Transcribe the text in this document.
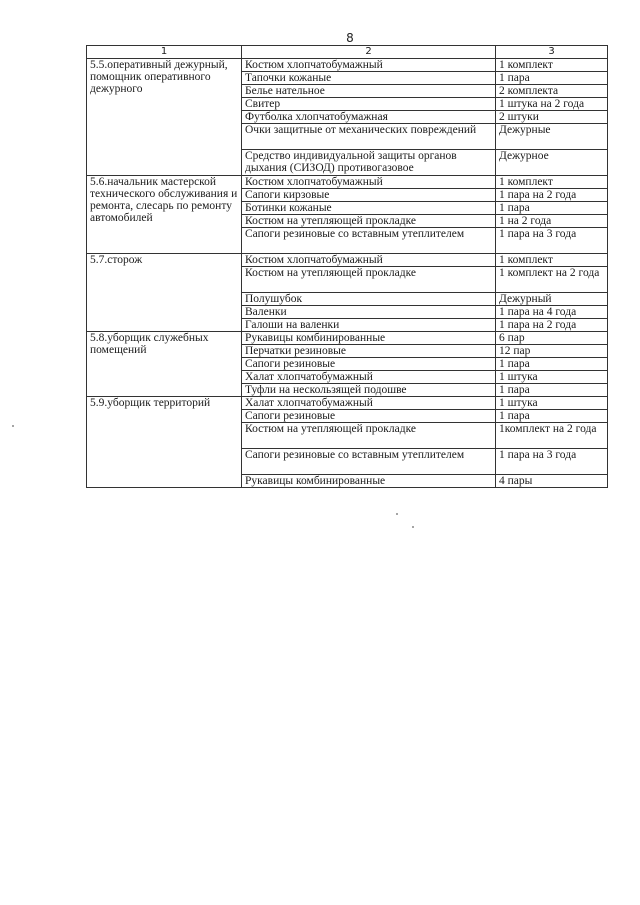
8
1	2	3
5.5.оперативный дежурный, помощник оперативного дежурного	Костюм хлопчатобумажный	1 комплект
	Тапочки кожаные	1 пара
	Белье нательное	2 комплекта
	Свитер	1 штука на 2 года
	Футболка хлопчатобумажная	2 штуки
	Очки защитные от механических повреждений	Дежурные
	Средство индивидуальной защиты органов дыхания (СИЗОД) противогазовое	Дежурное
5.6.начальник мастерской технического обслуживания и ремонта, слесарь по ремонту автомобилей	Костюм хлопчатобумажный	1 комплект
	Сапоги кирзовые	1 пара на 2 года
	Ботинки кожаные	1 пара
	Костюм на утепляющей прокладке	1 на 2 года
	Сапоги резиновые со вставным утеплителем	1 пара на 3 года
5.7.сторож	Костюм хлопчатобумажный	1 комплект
	Костюм на утепляющей прокладке	1 комплект на 2 года
	Полушубок	Дежурный
	Валенки	1 пара на 4 года
	Галоши на валенки	1 пара на 2 года
5.8.уборщик служебных помещений	Рукавицы комбинированные	6 пар
	Перчатки резиновые	12 пар
	Сапоги резиновые	1 пара
	Халат хлопчатобумажный	1 штука
	Туфли на нескользящей подошве	1 пара
5.9.уборщик территорий	Халат хлопчатобумажный	1 штука
	Сапоги резиновые	1 пара
	Костюм на утепляющей прокладке	1комплект на 2 года
	Сапоги резиновые со вставным утеплителем	1 пара на 3 года
	Рукавицы комбинированные	4 пары
